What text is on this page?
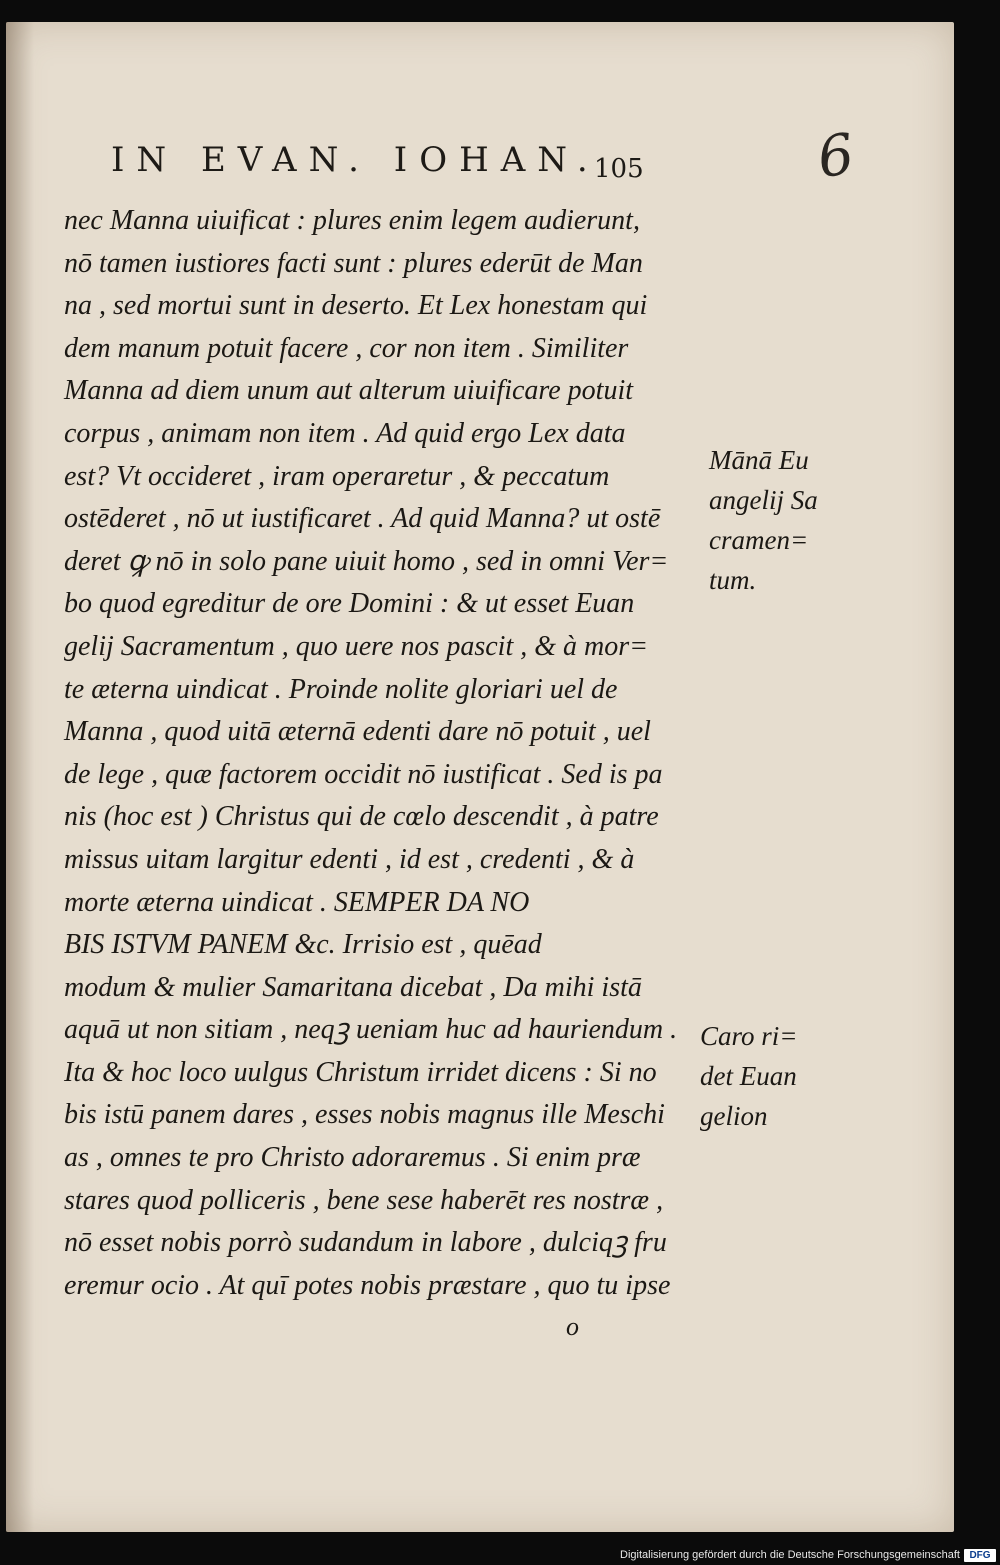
IN EVAN. IOHAN.
105	6
nec Manna uiuificat : plures enim legem audierunt,
nō tamen iustiores facti sunt : plures ederūt de Man
na , sed mortui sunt in deserto. Et Lex honestam qui
dem manum potuit facere , cor non item . Similiter
Manna ad diem unum aut alterum uiuificare potuit
corpus , animam non item . Ad quid ergo Lex data
est? Vt occideret , iram operaretur , & peccatum
ostēderet , nō ut iustificaret . Ad quid Manna? ut ostē
deret ꝙ nō in solo pane uiuit homo , sed in omni Ver=
bo quod egreditur de ore Domini : & ut esset Euan
gelij Sacramentum , quo uere nos pascit , & à mor=
te æterna uindicat . Proinde nolite gloriari uel de
Manna , quod uitā æternā edenti dare nō potuit , uel
de lege , quæ factorem occidit nō iustificat . Sed is pa
nis (hoc est ) Christus qui de cœlo descendit , à patre
missus uitam largitur edenti , id est , credenti , & à
morte æterna uindicat . SEMPER DA NO
BIS ISTVM PANEM &c. Irrisio est , quēad
modum & mulier Samaritana dicebat , Da mihi istā
aquā ut non sitiam , neqꝫ ueniam huc ad hauriendum .
Ita & hoc loco uulgus Christum irridet dicens : Si no
bis istū panem dares , esses nobis magnus ille Meschi
as , omnes te pro Christo adoraremus . Si enim præ
stares quod polliceris , bene sese haberēt res nostræ ,
nō esset nobis porrò sudandum in labore , dulciqꝫ fru
eremur ocio . At quī potes nobis præstare , quo tu ipse
Mānā Eu
angelij Sa
cramen=
tum.
Caro ri=
det Euan
gelion
o
Digitalisierung gefördert durch die Deutsche Forschungsgemeinschaft DFG
